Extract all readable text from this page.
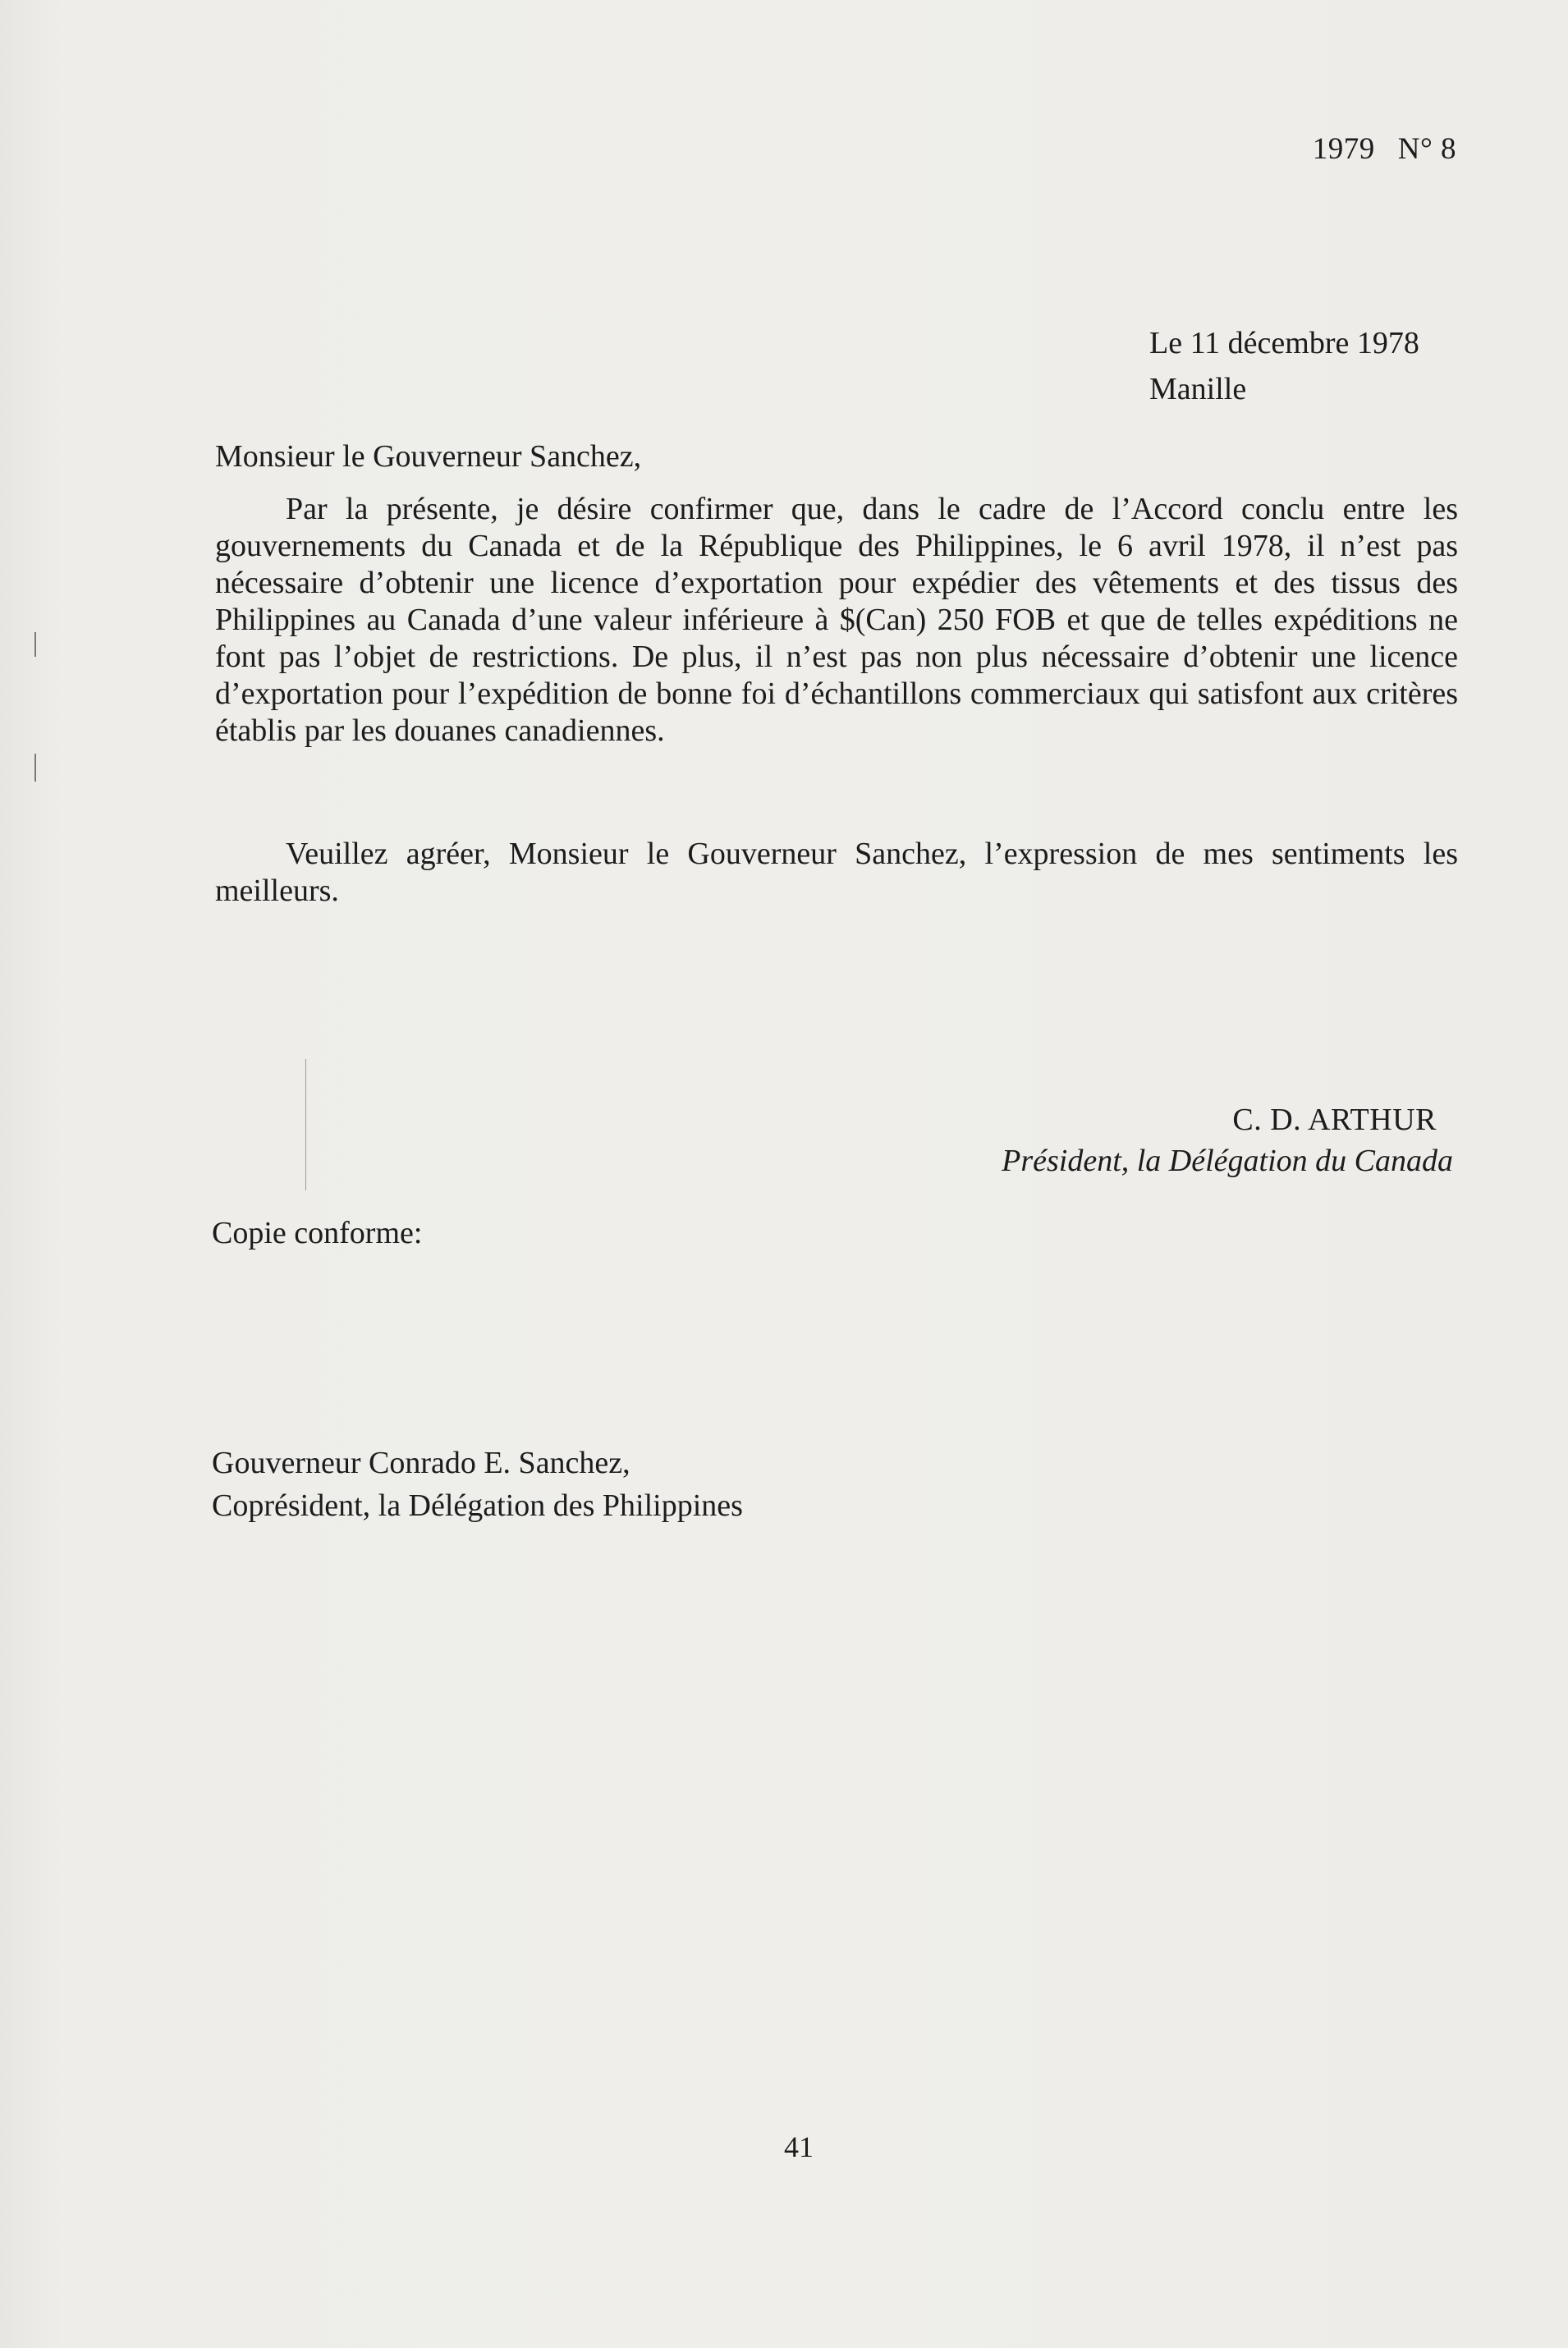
1979 N° 8
Le 11 décembre 1978
Manille
Monsieur le Gouverneur Sanchez,

Par la présente, je désire confirmer que, dans le cadre de l’Accord conclu entre les gouvernements du Canada et de la République des Philippines, le 6 avril 1978, il n’est pas nécessaire d’obtenir une licence d’exportation pour expédier des vêtements et des tissus des Philippines au Canada d’une valeur inférieure à $(Can) 250 FOB et que de telles expéditions ne font pas l’objet de restrictions. De plus, il n’est pas non plus nécessaire d’obtenir une licence d’exportation pour l’expédition de bonne foi d’échantillons commerciaux qui satisfont aux critères établis par les douanes canadiennes.

Veuillez agréer, Monsieur le Gouverneur Sanchez, l’expression de mes sentiments les meilleurs.

C. D. ARTHUR
Président, la Délégation du Canada
Copie conforme:
Gouverneur Conrado E. Sanchez,
Coprésident, la Délégation des Philippines
41
